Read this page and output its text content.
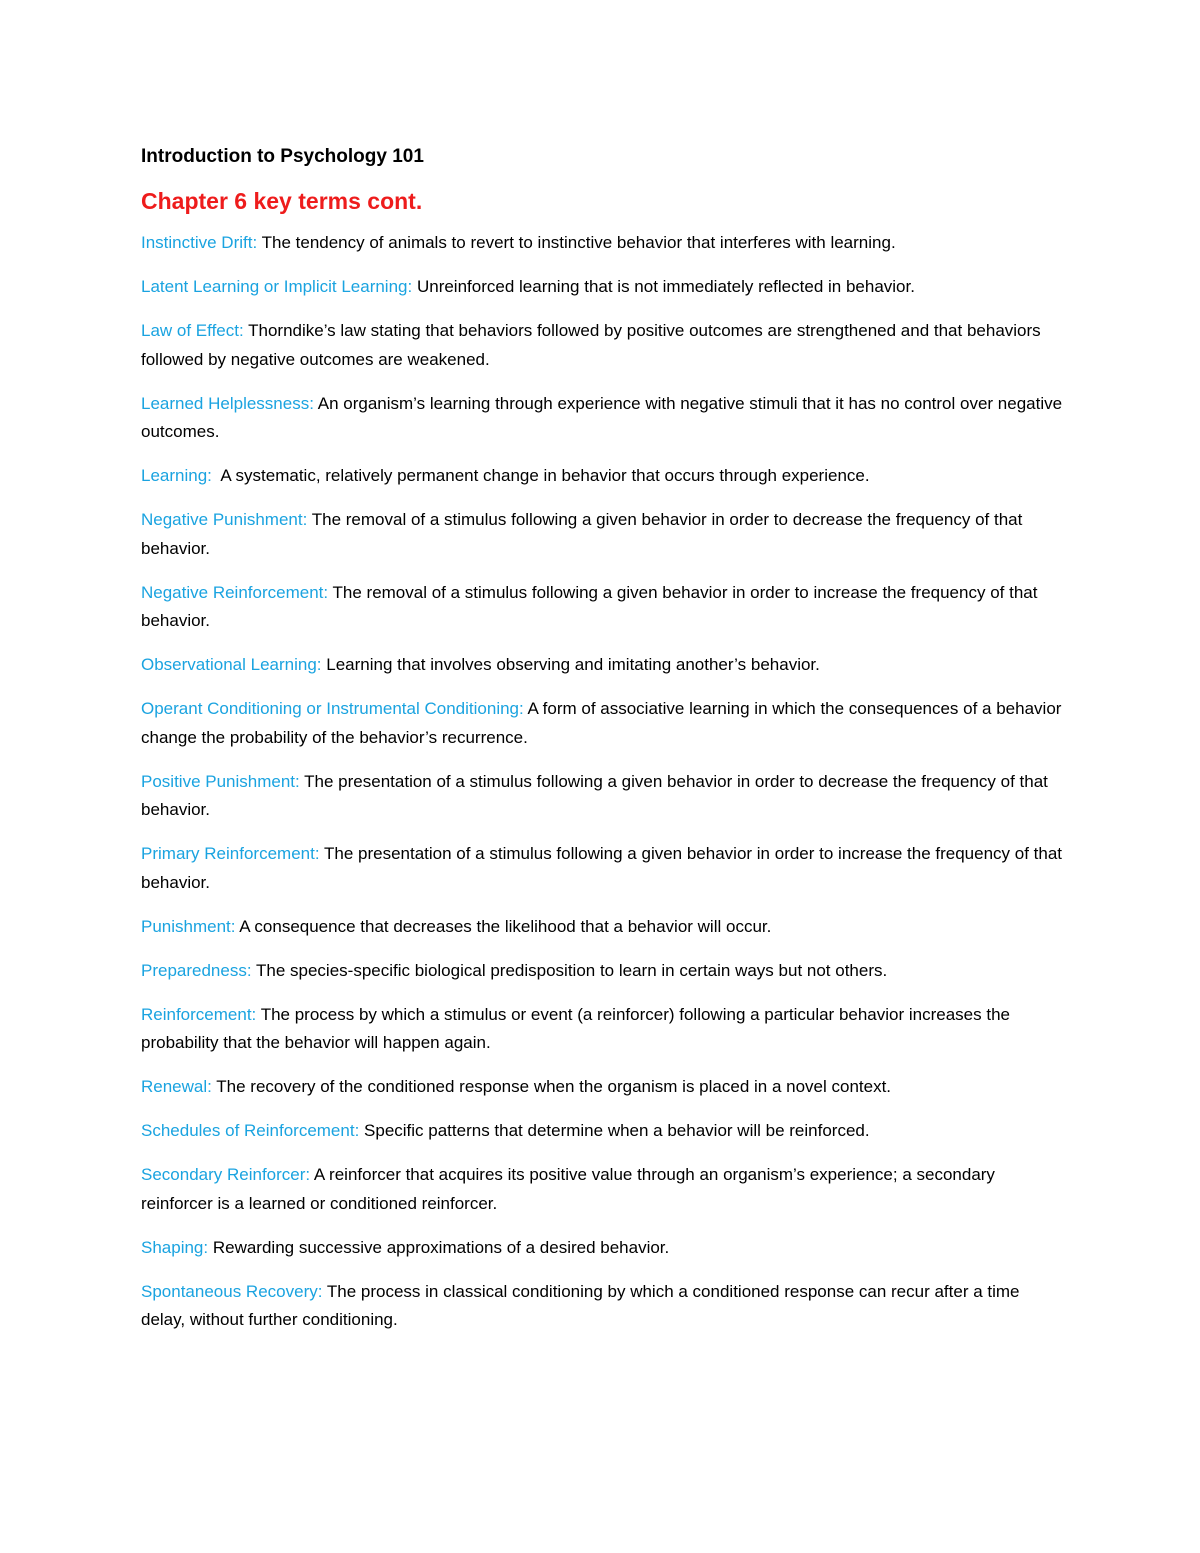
Introduction to Psychology 101
Chapter 6 key terms cont.
Instinctive Drift: The tendency of animals to revert to instinctive behavior that interferes with learning.
Latent Learning or Implicit Learning: Unreinforced learning that is not immediately reflected in behavior.
Law of Effect: Thorndike’s law stating that behaviors followed by positive outcomes are strengthened and that behaviors followed by negative outcomes are weakened.
Learned Helplessness: An organism’s learning through experience with negative stimuli that it has no control over negative outcomes.
Learning:  A systematic, relatively permanent change in behavior that occurs through experience.
Negative Punishment: The removal of a stimulus following a given behavior in order to decrease the frequency of that behavior.
Negative Reinforcement: The removal of a stimulus following a given behavior in order to increase the frequency of that behavior.
Observational Learning: Learning that involves observing and imitating another’s behavior.
Operant Conditioning or Instrumental Conditioning: A form of associative learning in which the consequences of a behavior change the probability of the behavior’s recurrence.
Positive Punishment: The presentation of a stimulus following a given behavior in order to decrease the frequency of that behavior.
Primary Reinforcement: The presentation of a stimulus following a given behavior in order to increase the frequency of that behavior.
Punishment: A consequence that decreases the likelihood that a behavior will occur.
Preparedness: The species-specific biological predisposition to learn in certain ways but not others.
Reinforcement: The process by which a stimulus or event (a reinforcer) following a particular behavior increases the probability that the behavior will happen again.
Renewal: The recovery of the conditioned response when the organism is placed in a novel context.
Schedules of Reinforcement: Specific patterns that determine when a behavior will be reinforced.
Secondary Reinforcer: A reinforcer that acquires its positive value through an organism’s experience; a secondary reinforcer is a learned or conditioned reinforcer.
Shaping: Rewarding successive approximations of a desired behavior.
Spontaneous Recovery: The process in classical conditioning by which a conditioned response can recur after a time delay, without further conditioning.
